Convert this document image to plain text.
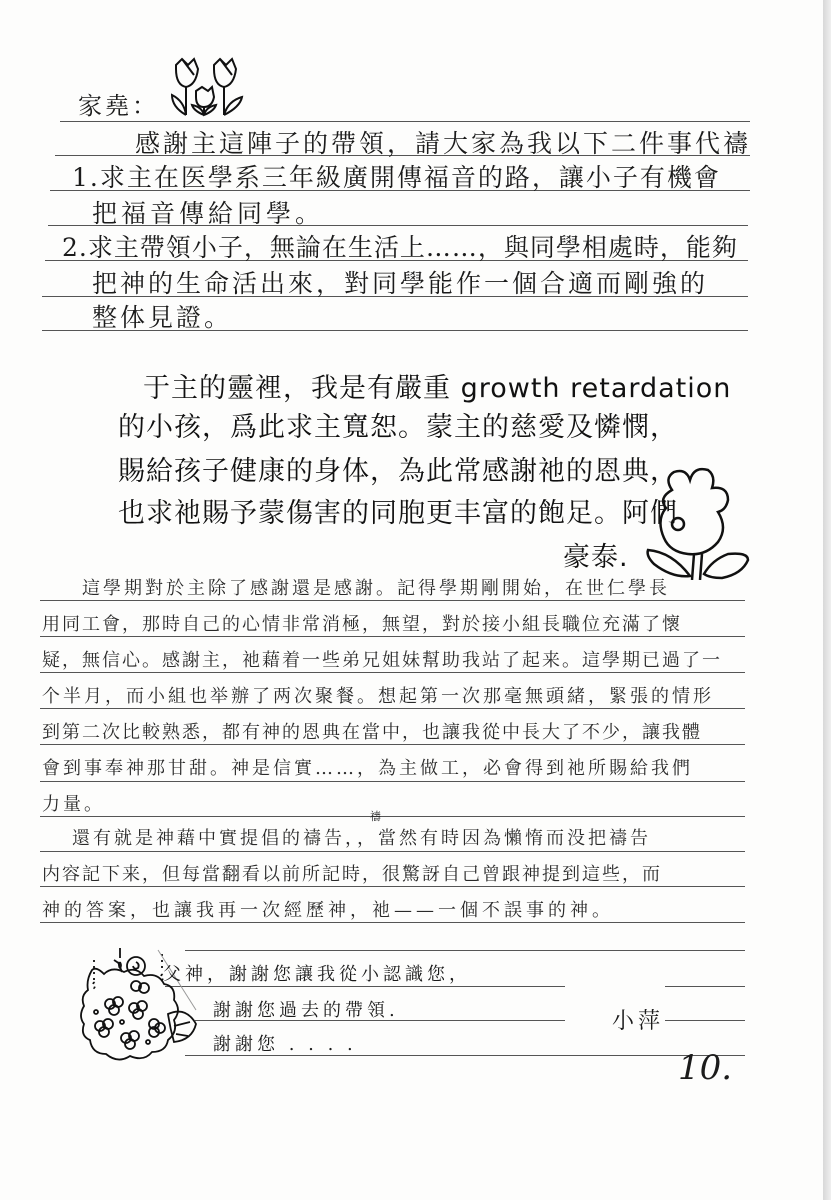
家堯：
感謝主這陣子的帶領，請大家為我以下二件事代禱
1.求主在医學系三年級廣開傳福音的路，讓小子有機會
把福音傳給同學。
2.求主帶領小子，無論在生活上……，與同學相處時，能夠
把神的生命活出來，對同學能作一個合適而剛強的
整体見證。
于主的靈裡，我是有嚴重 growth retardation
的小孩，爲此求主寬恕。蒙主的慈愛及憐憫，
賜給孩子健康的身体，為此常感謝祂的恩典，
也求祂賜予蒙傷害的同胞更丰富的飽足。阿們
豪泰.
這學期對於主除了感謝還是感謝。記得學期剛開始，在世仁學長
用同工會，那時自己的心情非常消極，無望，對於接小組長職位充滿了懷
疑，無信心。感謝主，祂藉着一些弟兄姐妹幫助我站了起来。這學期已過了一
个半月，而小組也举辦了两次聚餐。想起第一次那毫無頭緒，緊張的情形
到第二次比較熟悉，都有神的恩典在當中，也讓我從中長大了不少，讓我體
會到事奉神那甘甜。神是信實……，為主做工，必會得到祂所賜給我們
力量。
禱
還有就是神藉中實提倡的禱告，，當然有時因為懶惰而没把禱告
内容記下来，但每當翻看以前所記時，很驚訝自己曾跟神提到這些，而
神的答案，也讓我再一次經歷神，祂——一個不誤事的神。
父神，謝謝您讓我從小認識您，
謝謝您過去的帶領.
謝謝您 . . . .
小萍
10.
